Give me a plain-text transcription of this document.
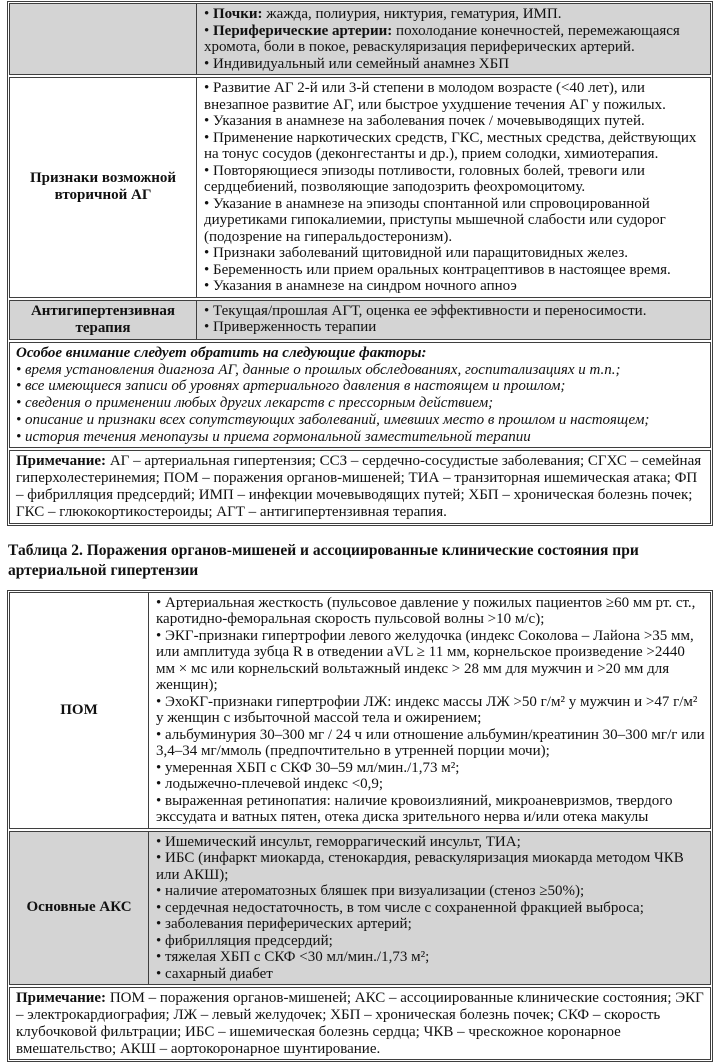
• Почки: жажда, полиурия, никтурия, гематурия, ИМП.

• Периферические артерии: похолодание конечностей, перемежающаяся хромота, боли в покое, реваскуляризация периферических артерий.

• Индивидуальный или семейный анамнез ХБП

Признаки возможной вторичной АГ

• Развитие АГ 2-й или 3-й степени в молодом возрасте (<40 лет), или внезапное развитие АГ, или быстрое ухудшение течения АГ у пожилых.

• Указания в анамнезе на заболевания почек / мочевыводящих путей.

• Применение наркотических средств, ГКС, местных средства, действующих на тонус сосудов (деконгестанты и др.), прием солодки, химиотерапия.

• Повторяющиеся эпизоды потливости, головных болей, тревоги или сердцебиений, позволяющие заподозрить феохромоцитому.

• Указание в анамнезе на эпизоды спонтанной или спровоцированной диуретиками гипокалиемии, приступы мышечной слабости или судорог (подозрение на гиперальдостеронизм).

• Признаки заболеваний щитовидной или паращитовидных желез.

• Беременность или прием оральных контрацептивов в настоящее время.

• Указания в анамнезе на синдром ночного апноэ

Антигипертензивная терапия

• Текущая/прошлая АГТ, оценка ее эффективности и переносимости.

• Приверженность терапии

Особое внимание следует обратить на следующие факторы:

• время установления диагноза АГ, данные о прошлых обследованиях, госпитализациях и т.п.;

• все имеющиеся записи об уровнях артериального давления в настоящем и прошлом;

• сведения о применении любых других лекарств с прессорным действием;

• описание и признаки всех сопутствующих заболеваний, имевших место в прошлом и настоящем;

• история течения менопаузы и приема гормональной заместительной терапии

Примечание: АГ – артериальная гипертензия; ССЗ – сердечно-сосудистые заболевания; СГХС – семейная гиперхолестеринемия; ПОМ – поражения органов-мишеней; ТИА – транзиторная ишемическая атака; ФП – фибрилляция предсердий; ИМП – инфекции мочевыводящих путей; ХБП – хроническая болезнь почек; ГКС – глюкокортикостероиды; АГТ – антигипертензивная терапия.

Таблица 2. Поражения органов-мишеней и ассоциированные клинические состояния при артериальной гипертензии
ПОМ

• Артериальная жесткость (пульсовое давление у пожилых пациентов ≥60 мм рт. ст., каротидно-феморальная скорость пульсовой волны >10 м/с);

• ЭКГ-признаки гипертрофии левого желудочка (индекс Соколова – Лайона >35 мм, или амплитуда зубца R в отведении aVL ≥ 11 мм, корнельское произведение >2440 мм × мс или корнельский вольтажный индекс > 28 мм для мужчин и >20 мм для женщин);

• ЭхоКГ-признаки гипертрофии ЛЖ: индекс массы ЛЖ >50 г/м² у мужчин и >47 г/м² у женщин с избыточной массой тела и ожирением;

• альбуминурия 30–300 мг / 24 ч или отношение альбумин/креатинин 30–300 мг/г или 3,4–34 мг/ммоль (предпочтительно в утренней порции мочи);

• умеренная ХБП с СКФ 30–59 мл/мин./1,73 м²;

• лодыжечно-плечевой индекс <0,9;

• выраженная ретинопатия: наличие кровоизлияний, микроаневризмов, твердого экссудата и ватных пятен, отека диска зрительного нерва и/или отека макулы

Основные АКС

• Ишемический инсульт, геморрагический инсульт, ТИА;

• ИБС (инфаркт миокарда, стенокардия, реваскуляризация миокарда методом ЧКВ или АКШ);

• наличие атероматозных бляшек при визуализации (стеноз ≥50%);

• сердечная недостаточность, в том числе с сохраненной фракцией выброса;

• заболевания периферических артерий;

• фибрилляция предсердий;

• тяжелая ХБП с СКФ <30 мл/мин./1,73 м²;

• сахарный диабет

Примечание: ПОМ – поражения органов-мишеней; АКС – ассоциированные клинические состояния; ЭКГ – электрокардиография; ЛЖ – левый желудочек; ХБП – хроническая болезнь почек; СКФ – скорость клубочковой фильтрации; ИБС – ишемическая болезнь сердца; ЧКВ – чрескожное коронарное вмешательство; АКШ – аортокоронарное шунтирование.
